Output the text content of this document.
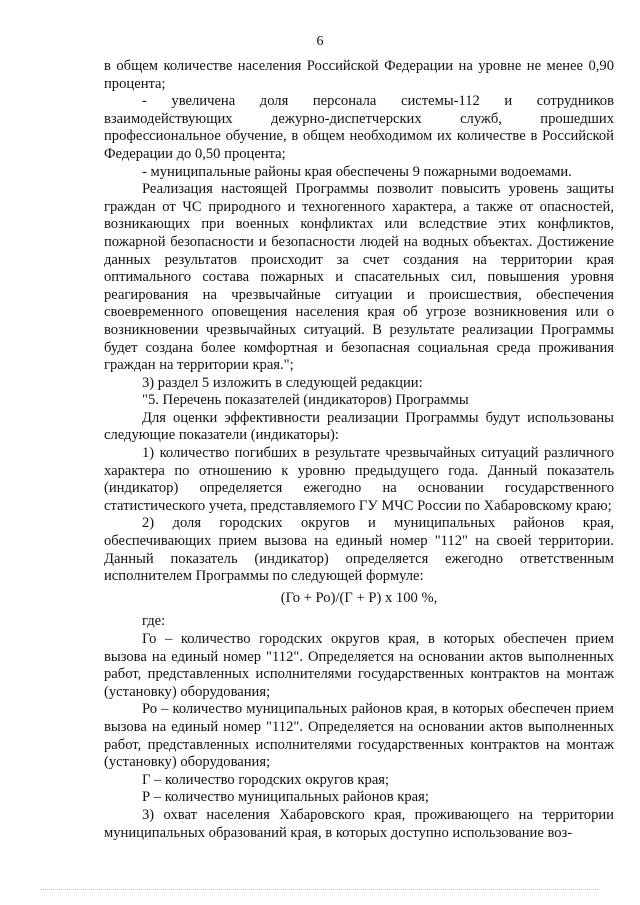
6

в общем количестве населения Российской Федерации на уровне не менее 0,90 процента;

- увеличена доля персонала системы-112 и сотрудников взаимодействующих дежурно-диспетчерских служб, прошедших профессиональное обучение, в общем необходимом их количестве в Российской Федерации до 0,50 процента;

- муниципальные районы края обеспечены 9 пожарными водоемами.

Реализация настоящей Программы позволит повысить уровень защиты граждан от ЧС природного и техногенного характера, а также от опасностей, возникающих при военных конфликтах или вследствие этих конфликтов, пожарной безопасности и безопасности людей на водных объектах. Достижение данных результатов происходит за счет создания на территории края оптимального состава пожарных и спасательных сил, повышения уровня реагирования на чрезвычайные ситуации и происшествия, обеспечения своевременного оповещения населения края об угрозе возникновения или о возникновении чрезвычайных ситуаций. В результате реализации Программы будет создана более комфортная и безопасная социальная среда проживания граждан на территории края.";

3) раздел 5 изложить в следующей редакции:

"5. Перечень показателей (индикаторов) Программы

Для оценки эффективности реализации Программы будут использованы следующие показатели (индикаторы):

1) количество погибших в результате чрезвычайных ситуаций различного характера по отношению к уровню предыдущего года. Данный показатель (индикатор) определяется ежегодно на основании государственного статистического учета, представляемого ГУ МЧС России по Хабаровскому краю;

2) доля городских округов и муниципальных районов края, обеспечивающих прием вызова на единый номер "112" на своей территории. Данный показатель (индикатор) определяется ежегодно ответственным исполнителем Программы по следующей формуле:

(Го + Ро)/(Г + Р) х 100 %,

где:

Го – количество городских округов края, в которых обеспечен прием вызова на единый номер "112". Определяется на основании актов выполненных работ, представленных исполнителями государственных контрактов на монтаж (установку) оборудования;

Ро – количество муниципальных районов края, в которых обеспечен прием вызова на единый номер "112". Определяется на основании актов выполненных работ, представленных исполнителями государственных контрактов на монтаж (установку) оборудования;

Г – количество городских округов края;

Р – количество муниципальных районов края;

3) охват населения Хабаровского края, проживающего на территории муниципальных образований края, в которых доступно использование воз-
